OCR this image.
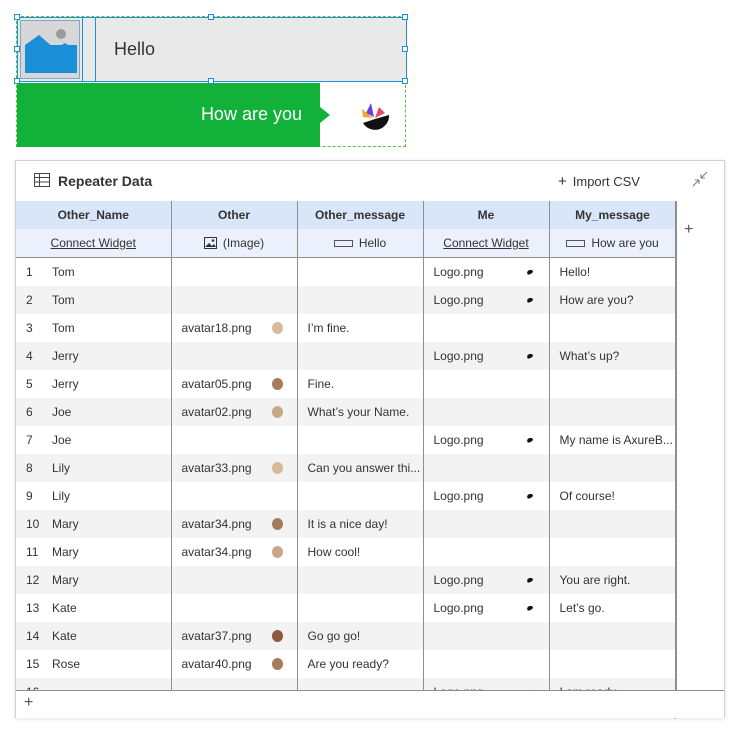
Hello
How are you
Repeater Data	+ Import CSV
Other_Name	Other	Other_message	Me	My_message
Connect Widget	(Image)	Hello	Connect Widget	How are you
1 Tom			Logo.png	Hello!
2 Tom			Logo.png	How are you?
3 Tom	avatar18.png	I’m fine.		
4 Jerry			Logo.png	What’s up?
5 Jerry	avatar05.png	Fine.		
6 Joe	avatar02.png	What’s your Name.		
7 Joe			Logo.png	My name is AxureB...
8 Lily	avatar33.png	Can you answer thi...		
9 Lily			Logo.png	Of course!
10 Mary	avatar34.png	It is a nice day!		
11 Mary	avatar34.png	How cool!		
12 Mary			Logo.png	You are right.
13 Kate			Logo.png	Let’s go.
14 Kate	avatar37.png	Go go go!		
15 Rose	avatar40.png	Are you ready?		

+
+
